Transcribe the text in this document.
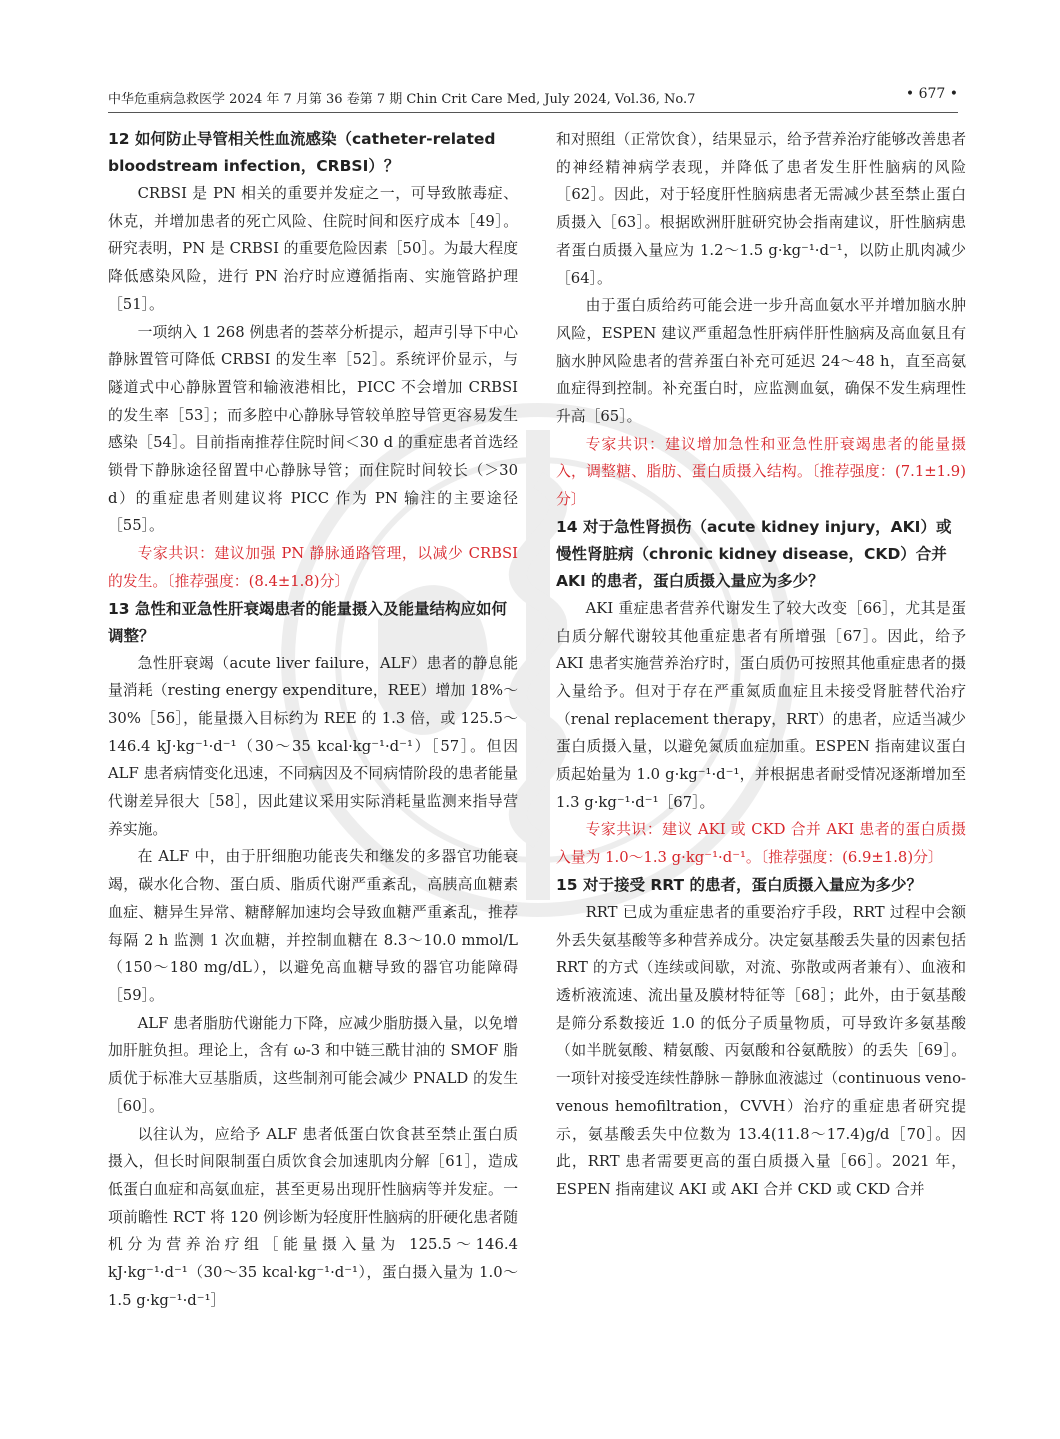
中华危重病急救医学 2024 年 7 月第 36 卷第 7 期 Chin Crit Care Med, July 2024, Vol.36, No.7	• 677 •

12 如何防止导管相关性血流感染（catheter-related bloodstream infection，CRBSI）？

CRBSI 是 PN 相关的重要并发症之一，可导致脓毒症、休克，并增加患者的死亡风险、住院时间和医疗成本［49］。研究表明，PN 是 CRBSI 的重要危险因素［50］。为最大程度降低感染风险，进行 PN 治疗时应遵循指南、实施管路护理［51］。

一项纳入 1 268 例患者的荟萃分析提示，超声引导下中心静脉置管可降低 CRBSI 的发生率［52］。系统评价显示，与隧道式中心静脉置管和输液港相比，PICC 不会增加 CRBSI 的发生率［53］；而多腔中心静脉导管较单腔导管更容易发生感染［54］。目前指南推荐住院时间＜30 d 的重症患者首选经锁骨下静脉途径留置中心静脉导管；而住院时间较长（＞30 d）的重症患者则建议将 PICC 作为 PN 输注的主要途径［55］。

专家共识：建议加强 PN 静脉通路管理，以减少 CRBSI 的发生。〔推荐强度：(8.4±1.8)分〕

13 急性和亚急性肝衰竭患者的能量摄入及能量结构应如何调整？

急性肝衰竭（acute liver failure，ALF）患者的静息能量消耗（resting energy expenditure，REE）增加 18%～30%［56］，能量摄入目标约为 REE 的 1.3 倍，或 125.5～146.4 kJ·kg⁻¹·d⁻¹（30～35 kcal·kg⁻¹·d⁻¹）［57］。但因 ALF 患者病情变化迅速，不同病因及不同病情阶段的患者能量代谢差异很大［58］，因此建议采用实际消耗量监测来指导营养实施。

在 ALF 中，由于肝细胞功能丧失和继发的多器官功能衰竭，碳水化合物、蛋白质、脂质代谢严重紊乱，高胰高血糖素血症、糖异生异常、糖酵解加速均会导致血糖严重紊乱，推荐每隔 2 h 监测 1 次血糖，并控制血糖在 8.3～10.0 mmol/L（150～180 mg/dL），以避免高血糖导致的器官功能障碍［59］。

ALF 患者脂肪代谢能力下降，应减少脂肪摄入量，以免增加肝脏负担。理论上，含有 ω-3 和中链三酰甘油的 SMOF 脂质优于标准大豆基脂质，这些制剂可能会减少 PNALD 的发生［60］。

以往认为，应给予 ALF 患者低蛋白饮食甚至禁止蛋白质摄入，但长时间限制蛋白质饮食会加速肌肉分解［61］，造成低蛋白血症和高氨血症，甚至更易出现肝性脑病等并发症。一项前瞻性 RCT 将 120 例诊断为轻度肝性脑病的肝硬化患者随机分为营养治疗组［能量摄入量为 125.5～146.4 kJ·kg⁻¹·d⁻¹（30～35 kcal·kg⁻¹·d⁻¹），蛋白摄入量为 1.0～1.5 g·kg⁻¹·d⁻¹］

和对照组（正常饮食），结果显示，给予营养治疗能够改善患者的神经精神病学表现，并降低了患者发生肝性脑病的风险［62］。因此，对于轻度肝性脑病患者无需减少甚至禁止蛋白质摄入［63］。根据欧洲肝脏研究协会指南建议，肝性脑病患者蛋白质摄入量应为 1.2～1.5 g·kg⁻¹·d⁻¹，以防止肌肉减少［64］。

由于蛋白质给药可能会进一步升高血氨水平并增加脑水肿风险，ESPEN 建议严重超急性肝病伴肝性脑病及高血氨且有脑水肿风险患者的营养蛋白补充可延迟 24～48 h，直至高氨血症得到控制。补充蛋白时，应监测血氨，确保不发生病理性升高［65］。

专家共识：建议增加急性和亚急性肝衰竭患者的能量摄入，调整糖、脂肪、蛋白质摄入结构。〔推荐强度：(7.1±1.9)分〕

14 对于急性肾损伤（acute kidney injury，AKI）或慢性肾脏病（chronic kidney disease，CKD）合并 AKI 的患者，蛋白质摄入量应为多少？

AKI 重症患者营养代谢发生了较大改变［66］，尤其是蛋白质分解代谢较其他重症患者有所增强［67］。因此，给予 AKI 患者实施营养治疗时，蛋白质仍可按照其他重症患者的摄入量给予。但对于存在严重氮质血症且未接受肾脏替代治疗（renal replacement therapy，RRT）的患者，应适当减少蛋白质摄入量，以避免氮质血症加重。ESPEN 指南建议蛋白质起始量为 1.0 g·kg⁻¹·d⁻¹，并根据患者耐受情况逐渐增加至 1.3 g·kg⁻¹·d⁻¹［67］。

专家共识：建议 AKI 或 CKD 合并 AKI 患者的蛋白质摄入量为 1.0～1.3 g·kg⁻¹·d⁻¹。〔推荐强度：(6.9±1.8)分〕

15 对于接受 RRT 的患者，蛋白质摄入量应为多少？

RRT 已成为重症患者的重要治疗手段，RRT 过程中会额外丢失氨基酸等多种营养成分。决定氨基酸丢失量的因素包括 RRT 的方式（连续或间歇，对流、弥散或两者兼有）、血液和透析液流速、流出量及膜材特征等［68］；此外，由于氨基酸是筛分系数接近 1.0 的低分子质量物质，可导致许多氨基酸（如半胱氨酸、精氨酸、丙氨酸和谷氨酰胺）的丢失［69］。一项针对接受连续性静脉－静脉血液滤过（continuous veno-venous hemofiltration，CVVH）治疗的重症患者研究提示，氨基酸丢失中位数为 13.4(11.8～17.4)g/d［70］。因此，RRT 患者需要更高的蛋白质摄入量［66］。2021 年，ESPEN 指南建议 AKI 或 AKI 合并 CKD 或 CKD 合并
